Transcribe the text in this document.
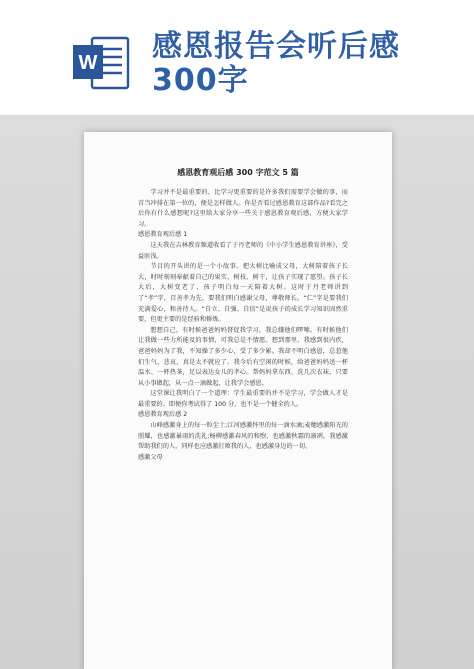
W 感恩报告会听后感
300字
感恩教育观后感 300 字范文 5 篇

学习并不是最重要的，比学习更重要的是许多我们需要学会做的事，而首当冲排在第一位的，便是怎样做人。你是否看过感恩教育这部作品?看完之后你有什么感想呢?这里给大家分享一些关于感恩教育观后感，方便大家学习。

感恩教育观后感 1

这天我在吉林教育频道收看了于丹老师的《中小学生感恩教育讲座》，受益匪浅。

节目的开头讲的是一个小故事。把大树比喻成父母，大树陪着孩子长大，时时刻刻奉献着自己的果实、树枝、树干，让孩子实现了愿望。孩子长大后，大树变老了，孩子明白每一天陪着大树。这时于丹老师讲到了“孝”字，百善孝为先，要我们明白感谢父母，尊敬师长。“仁”字是要我们充满爱心，和善待人。“自立、自强、自信”是说孩子的成长学习知识固然重要，但更主要的是经验和修炼。

想想自己，有时候爸爸妈妈督促我学习，我总嫌他们啰嗦。有时候他们让我做一些力所能及的事情，可我总是不情愿。想到那里，我感到很内疚，爸爸妈妈为了我，不知操了多少心，受了多少累。我却不明白感恩，总惹他们生气、悲哀，真是太不就应了。我今后有空闲的时候，给爸爸妈妈送一杯温水、一杯热茶，足以表达女儿的孝心。帮妈妈拿东西、洗几次衣袜，只要从小事做起，从一点一滴做起，让我学会感恩。

这堂课让我明白了一个道理：学生最重要的并不是学习，学会做人才是最重要的。即便你考试得了 100 分，也不是一个健全的人。

感恩教育观后感 2

山峰感激身上的每一粒尘土;江河感激怀里的每一滴水滴;麦穗感激阳光的照耀，也感激暴雨的洗礼;杨柳感激春风的和煦，也感激秋霜的凛冽。我感激帮助我们的人，同样也应感激打败我的人，也感激身边的一切。

感激父母
